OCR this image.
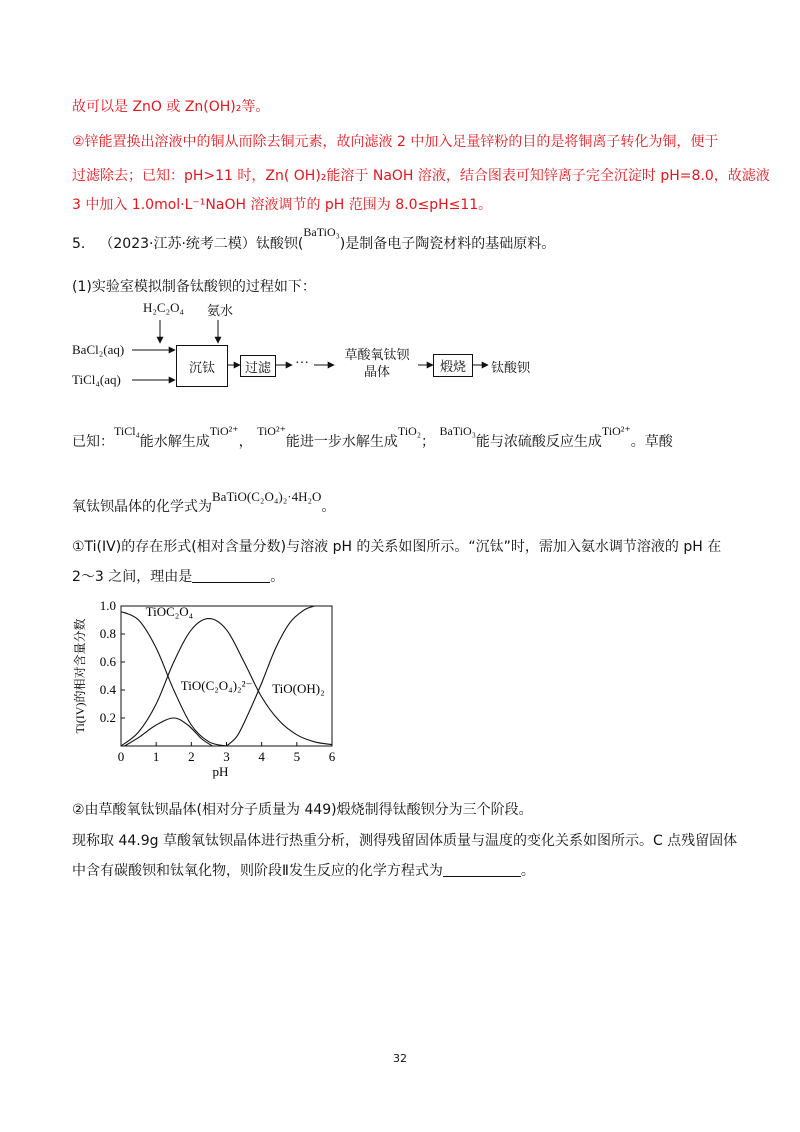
故可以是 ZnO 或 Zn(OH)₂等。
②锌能置换出溶液中的铜从而除去铜元素，故向滤液 2 中加入足量锌粉的目的是将铜离子转化为铜，便于
过滤除去；已知：pH>11 时，Zn( OH)₂能溶于 NaOH 溶液，结合图表可知锌离子完全沉淀时 pH=8.0，故滤液
3 中加入 1.0mol·L⁻¹NaOH 溶液调节的 pH 范围为 8.0≤pH≤11。
5． （2023·江苏·统考二模）钛酸钡(BaTiO₃)是制备电子陶瓷材料的基础原料。
(1)实验室模拟制备钛酸钡的过程如下：
H₂C₂O₄ 氨水
BaCl₂(aq)
TiCl₄(aq)
沉钛	过滤	···
草酸氧钛钡
晶体	煅烧	钛酸钡
已知：TiCl₄能水解生成TiO²⁺， TiO²⁺能进一步水解生成TiO₂； BaTiO₃能与浓硫酸反应生成TiO²⁺。草酸
氧钛钡晶体的化学式为BaTiO(C₂O₄)₂·4H₂O。
①Ti(IV)的存在形式(相对含量分数)与溶液 pH 的关系如图所示。“沉钛”时，需加入氨水调节溶液的 pH 在
2～3 之间，理由是	。
0 1 2 3 4 5 6
0.2
0.4
0.6
0.8
1.0
pH
Ti(IV)的相对含量分数
TiOC₂O₄
TiO(C₂O₄)₂²⁻ TiO(OH)₂
②由草酸氧钛钡晶体(相对分子质量为 449)煅烧制得钛酸钡分为三个阶段。
现称取 44.9g 草酸氧钛钡晶体进行热重分析，测得残留固体质量与温度的变化关系如图所示。C 点残留固体
中含有碳酸钡和钛氧化物，则阶段Ⅱ发生反应的化学方程式为	。
32
